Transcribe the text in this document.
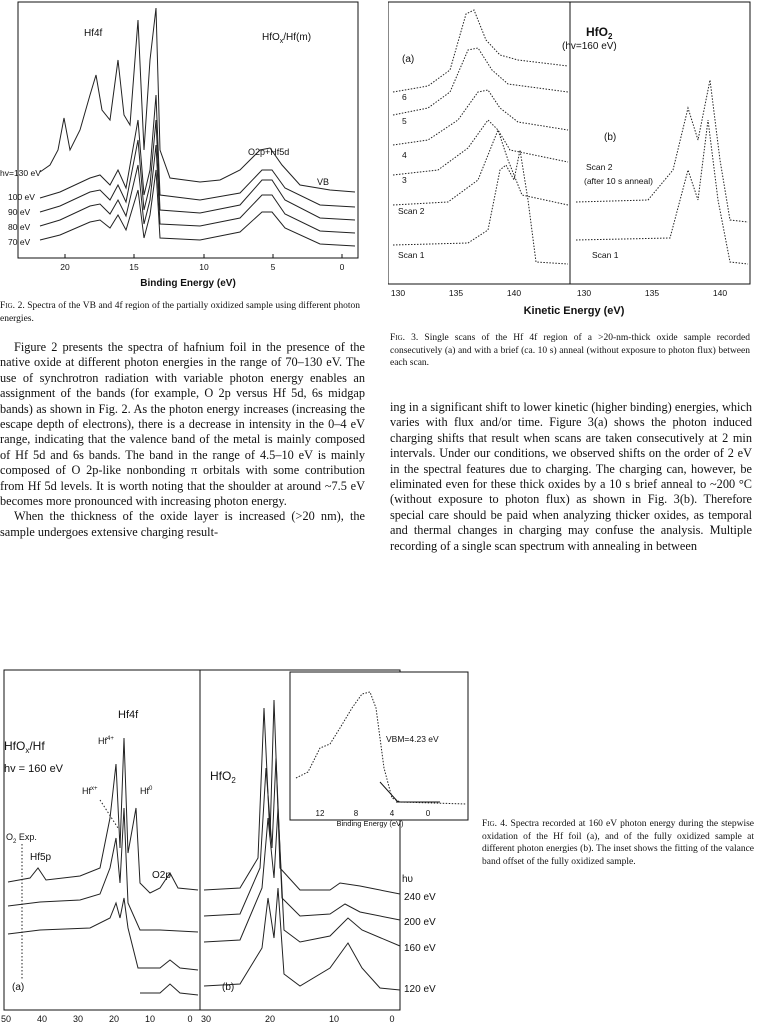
Hf4f	HfO$_x$/Hf(m)
O2p+Hf5d
VB
hv=130 eV
100 eV
90 eV
80 eV
70 eV
20	15	10	5	0
Binding Energy (eV)
Fig. 2. Spectra of the VB and 4f region of the partially oxidized sample using different photon energies.
HfO$_2$
(hv=160 eV)
(a)
(b)
6
5
4
3
Scan 2
Scan 1
Scan 2
(after 10 s anneal)
Scan 1
130	135	140	130	135	140
Kinetic Energy (eV)
Fig. 3. Single scans of the Hf 4f region of a >20-nm-thick oxide sample recorded consecutively (a) and with a brief (ca. 10 s) anneal (without exposure to photon flux) between each scan.

Figure 2 presents the spectra of hafnium foil in the presence of the native oxide at different photon energies in the range of 70–130 eV. The use of synchrotron radiation with variable photon energy enables an assignment of the bands (for example, O 2p versus Hf 5d, 6s midgap bands) as shown in Fig. 2. As the photon energy increases (increasing the escape depth of electrons), there is a decrease in intensity in the 0–4 eV range, indicating that the valence band of the metal is mainly composed of Hf 5d and 6s bands. The band in the range of 4.5–10 eV is mainly composed of O 2p-like nonbonding π orbitals with some contribution from Hf 5d levels. It is worth noting that the shoulder at around ~7.5 eV becomes more pronounced with increasing photon energy.

When the thickness of the oxide layer is increased (>20 nm), the sample undergoes extensive charging result-

ing in a significant shift to lower kinetic (higher binding) energies, which varies with flux and/or time. Figure 3(a) shows the photon induced charging shifts that result when scans are taken consecutively at 2 min intervals. Under our conditions, we observed shifts on the order of 2 eV in the spectral features due to charging. The charging can, however, be eliminated even for these thick oxides by a 10 s brief anneal to ~200 °C (without exposure to photon flux) as shown in Fig. 3(b). Therefore special care should be paid when analyzing thicker oxides, as temporal and thermal changes in charging may confuse the analysis. Multiple recording of a single scan spectrum with annealing in between

HfO$_x$/Hf
hv = 160 eV
Hf4f
$Hf^{4+}$
$Hf^{x+}$	Hf$^0$
$O_2$ Exp.
Hf5p
O2p
(a)
50	40	30	20	10	0
HfO$_2$
(b)
hυ
240 eV
200 eV
160 eV
120 eV
30	20	10	0
VBM=4.23 eV
12	8	4	0
Binding Energy (eV)	Fig. 4. Spectra recorded at 160 eV photon energy during the stepwise oxidation of the Hf foil (a), and of the fully oxidized sample at different photon energies (b). The inset shows the fitting of the valance band offset of the fully oxidized sample.
